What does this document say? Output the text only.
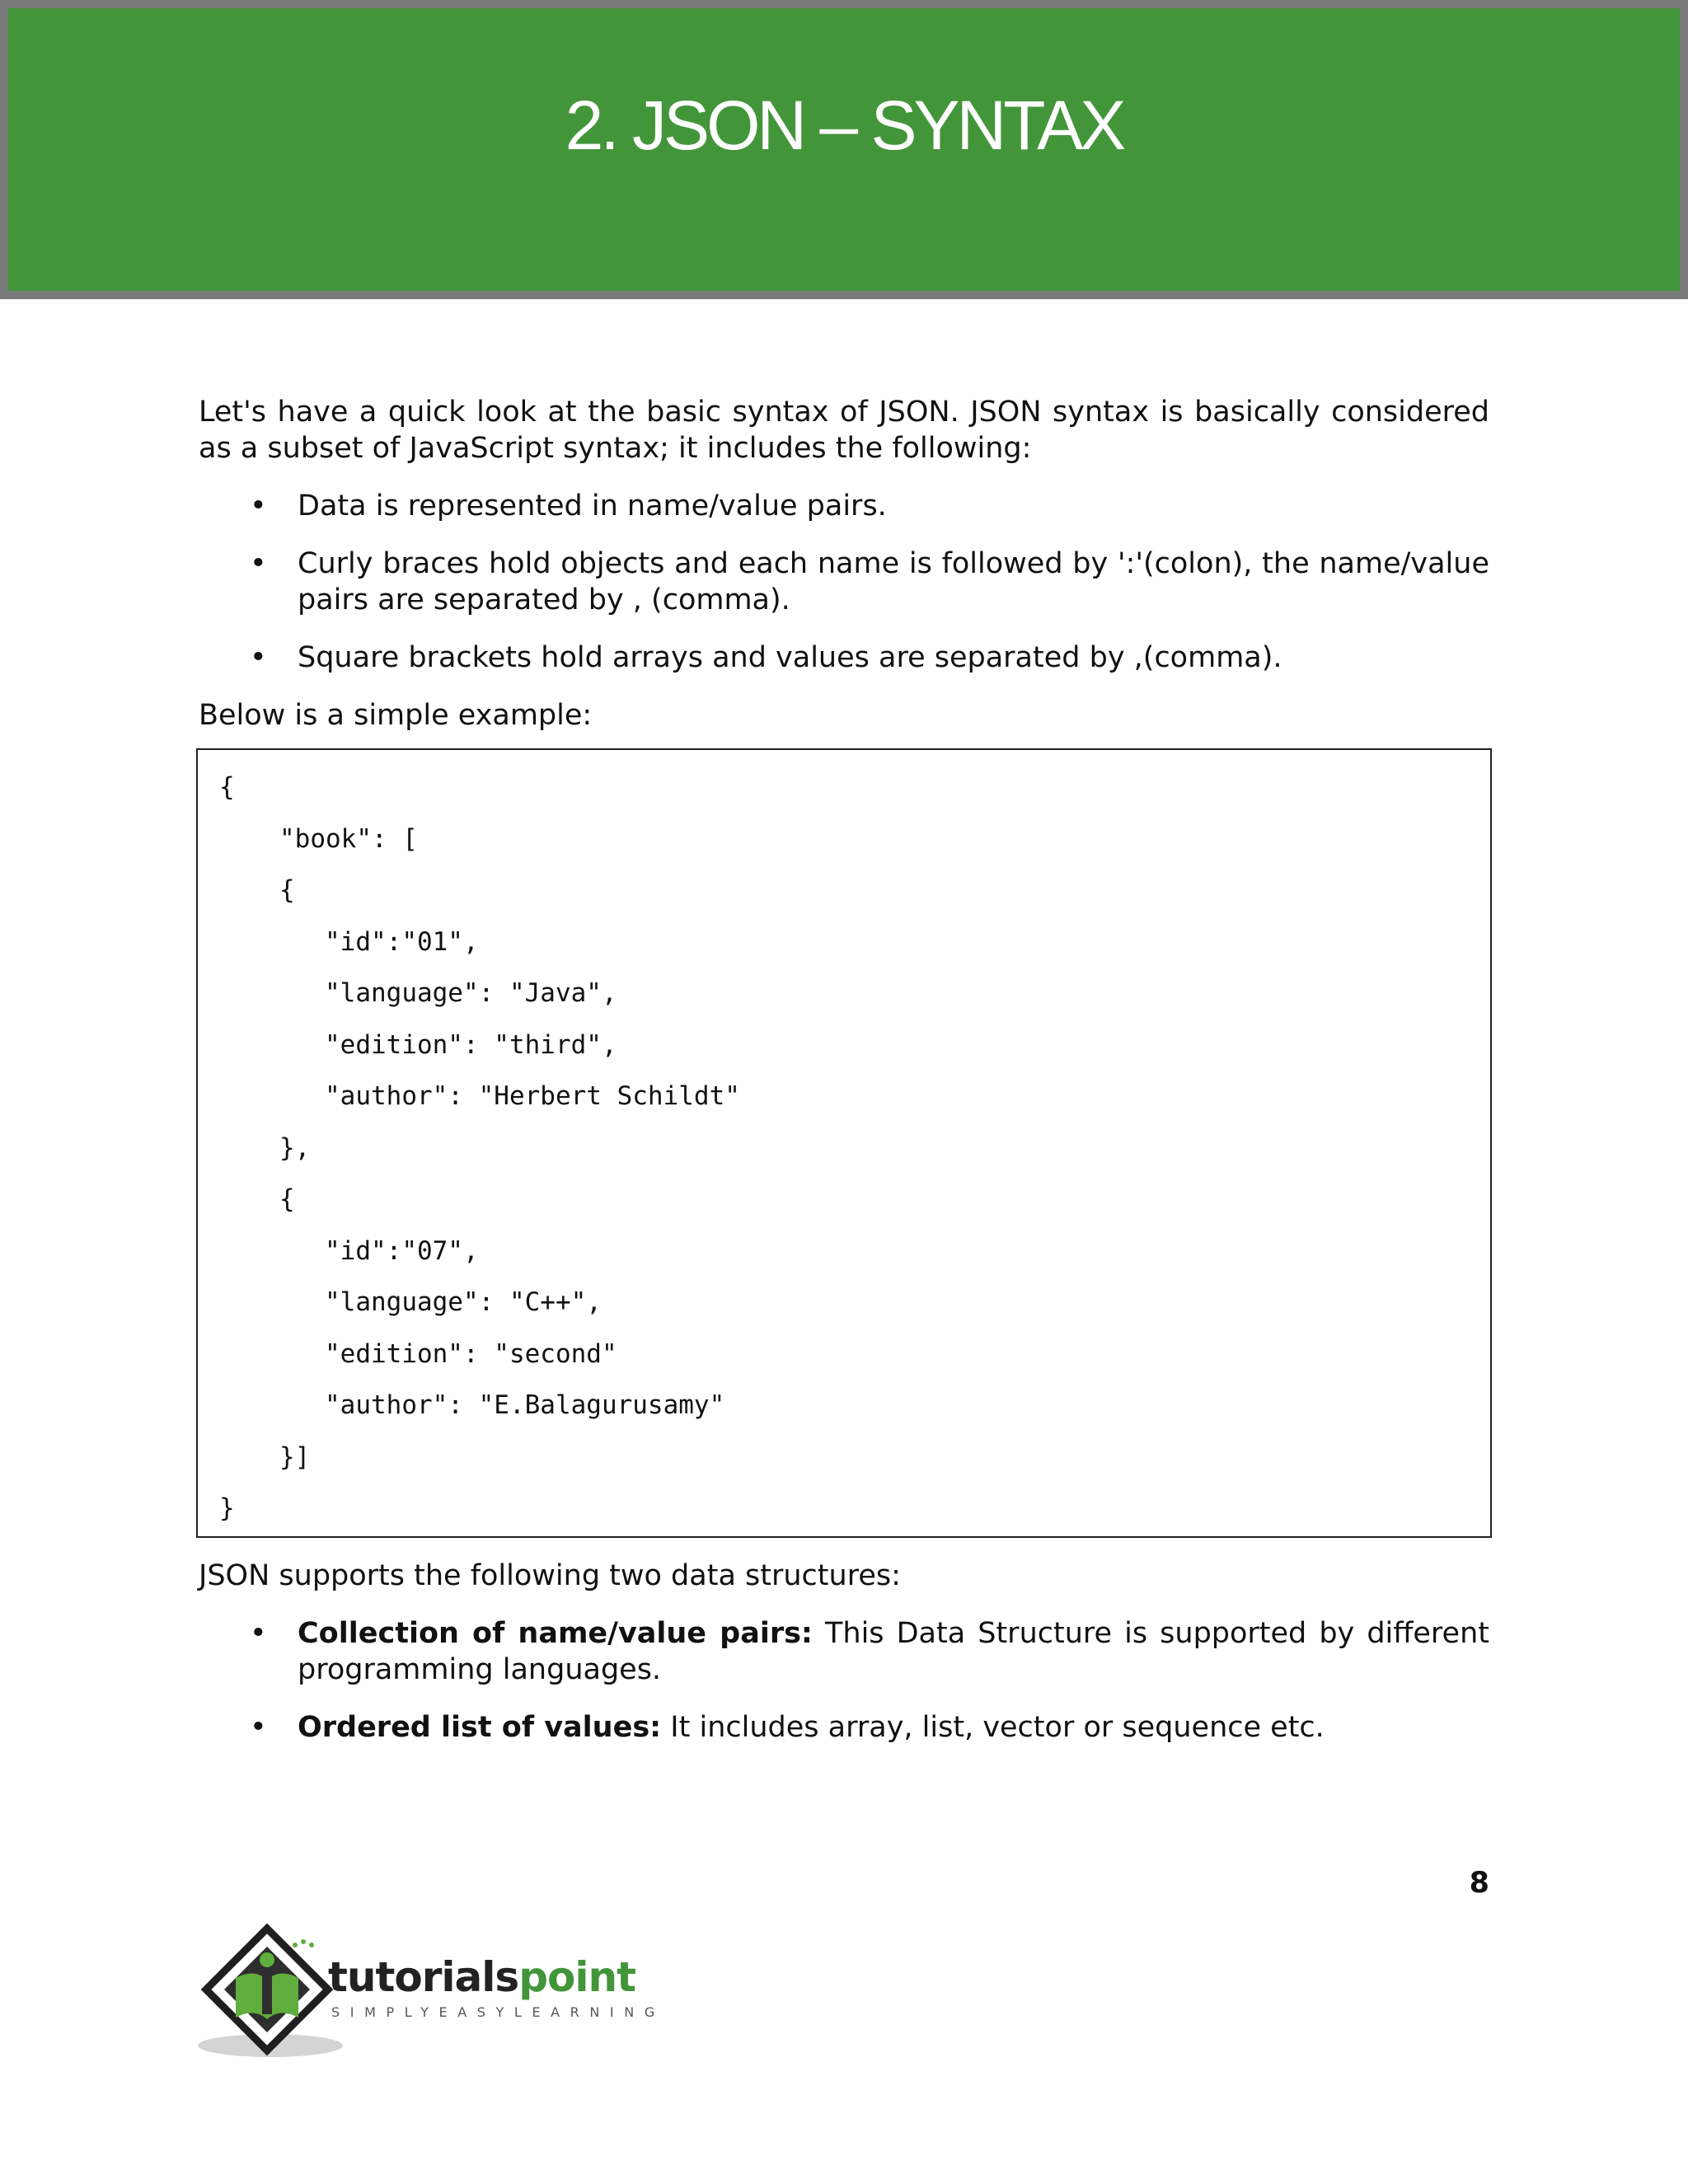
2. JSON – SYNTAX

Let's have a quick look at the basic syntax of JSON. JSON syntax is basically considered as a subset of JavaScript syntax; it includes the following:

• Data is represented in name/value pairs.
• Curly braces hold objects and each name is followed by ':'(colon), the name/value pairs are separated by , (comma).
• Square brackets hold arrays and values are separated by ,(comma).

Below is a simple example:

{
"book": [
{
"id":"01",
"language": "Java",
"edition": "third",
"author": "Herbert Schildt"
},
{
"id":"07",
"language": "C++",
"edition": "second"
"author": "E.Balagurusamy"
}]
}

JSON supports the following two data structures:

• Collection of name/value pairs: This Data Structure is supported by different programming languages.
• Ordered list of values: It includes array, list, vector or sequence etc.
8
tutorialspoint
SIMPLYEASYLEARNING
